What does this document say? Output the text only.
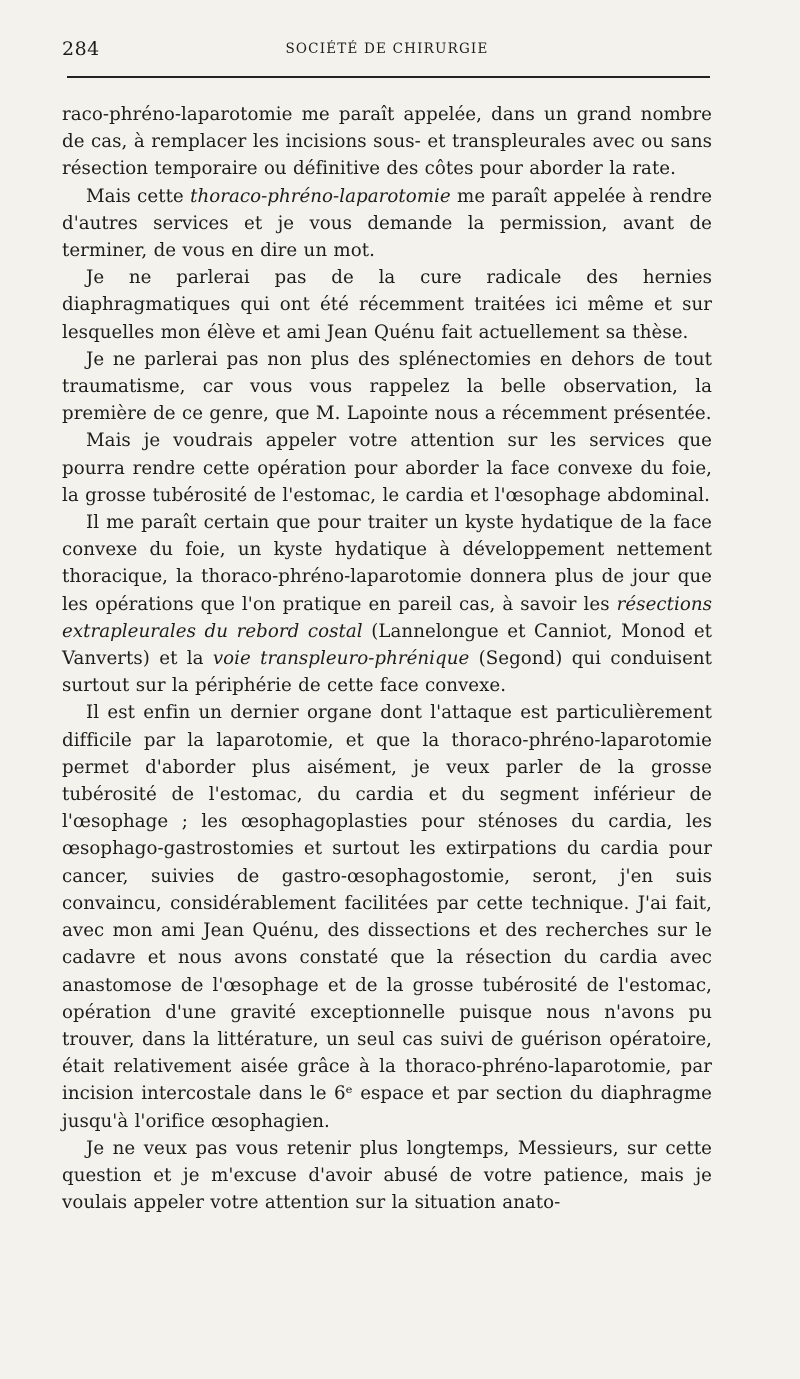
284	SOCIÉTÉ DE CHIRURGIE

raco-phréno-laparotomie me paraît appelée, dans un grand nombre de cas, à remplacer les incisions sous- et transpleurales avec ou sans résection temporaire ou définitive des côtes pour aborder la rate.

Mais cette thoraco-phréno-laparotomie me paraît appelée à rendre d'autres services et je vous demande la permission, avant de terminer, de vous en dire un mot.

Je ne parlerai pas de la cure radicale des hernies diaphragmatiques qui ont été récemment traitées ici même et sur lesquelles mon élève et ami Jean Quénu fait actuellement sa thèse.

Je ne parlerai pas non plus des splénectomies en dehors de tout traumatisme, car vous vous rappelez la belle observation, la première de ce genre, que M. Lapointe nous a récemment présentée.

Mais je voudrais appeler votre attention sur les services que pourra rendre cette opération pour aborder la face convexe du foie, la grosse tubérosité de l'estomac, le cardia et l'œsophage abdominal.

Il me paraît certain que pour traiter un kyste hydatique de la face convexe du foie, un kyste hydatique à développement nettement thoracique, la thoraco-phréno-laparotomie donnera plus de jour que les opérations que l'on pratique en pareil cas, à savoir les résections extrapleurales du rebord costal (Lannelongue et Canniot, Monod et Vanverts) et la voie transpleuro-phrénique (Segond) qui conduisent surtout sur la périphérie de cette face convexe.

Il est enfin un dernier organe dont l'attaque est particulièrement difficile par la laparotomie, et que la thoraco-phréno-laparotomie permet d'aborder plus aisément, je veux parler de la grosse tubérosité de l'estomac, du cardia et du segment inférieur de l'œsophage ; les œsophagoplasties pour sténoses du cardia, les œsophago-gastrostomies et surtout les extirpations du cardia pour cancer, suivies de gastro-œsophagostomie, seront, j'en suis convaincu, considérablement facilitées par cette technique. J'ai fait, avec mon ami Jean Quénu, des dissections et des recherches sur le cadavre et nous avons constaté que la résection du cardia avec anastomose de l'œsophage et de la grosse tubérosité de l'estomac, opération d'une gravité exceptionnelle puisque nous n'avons pu trouver, dans la littérature, un seul cas suivi de guérison opératoire, était relativement aisée grâce à la thoraco-phréno-laparotomie, par incision intercostale dans le 6ᵉ espace et par section du diaphragme jusqu'à l'orifice œsophagien.

Je ne veux pas vous retenir plus longtemps, Messieurs, sur cette question et je m'excuse d'avoir abusé de votre patience, mais je voulais appeler votre attention sur la situation anato-
